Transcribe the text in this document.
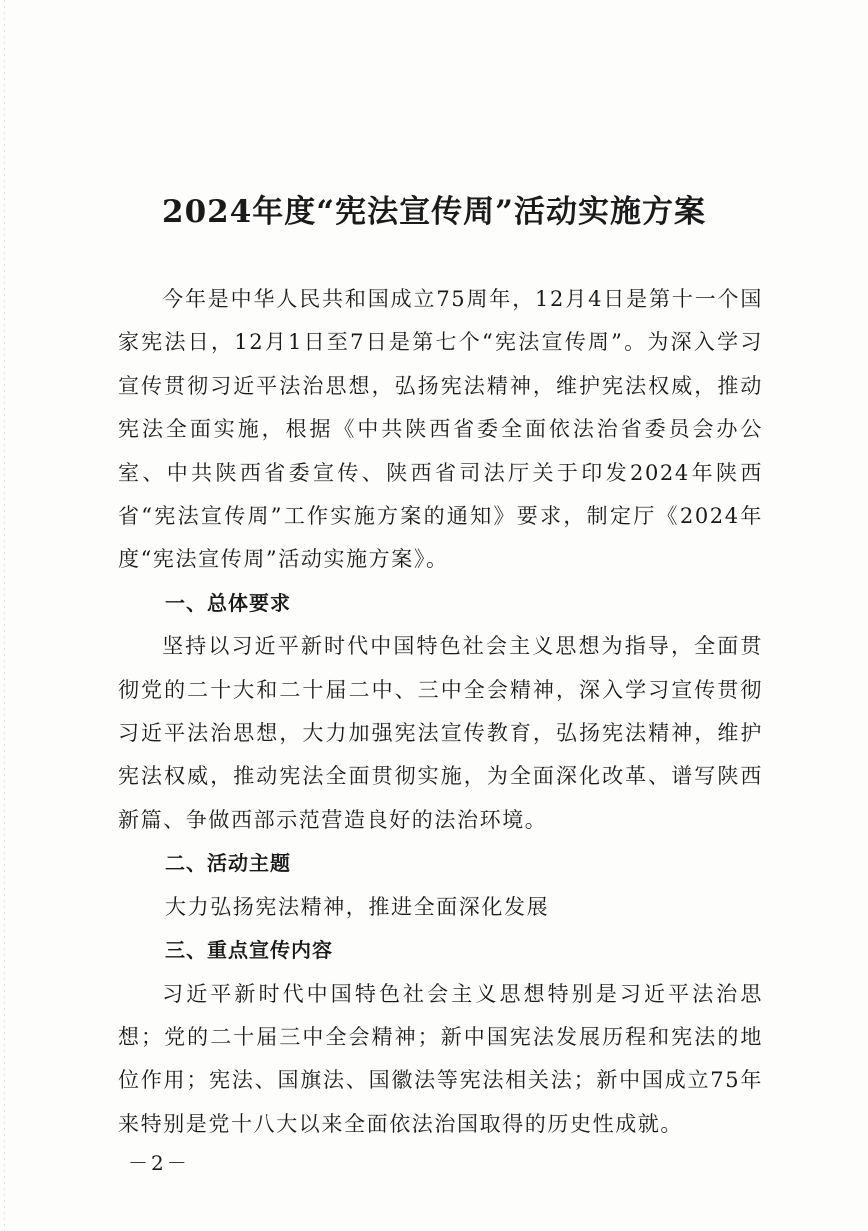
2024年度“宪法宣传周”活动实施方案

今年是中华人民共和国成立75周年，12月4日是第十一个国家宪法日，12月1日至7日是第七个“宪法宣传周”。为深入学习宣传贯彻习近平法治思想，弘扬宪法精神，维护宪法权威，推动宪法全面实施，根据《中共陕西省委全面依法治省委员会办公室、中共陕西省委宣传、陕西省司法厅关于印发2024年陕西省“宪法宣传周”工作实施方案的通知》要求，制定厅《2024年度“宪法宣传周”活动实施方案》。

一、总体要求

坚持以习近平新时代中国特色社会主义思想为指导，全面贯彻党的二十大和二十届二中、三中全会精神，深入学习宣传贯彻习近平法治思想，大力加强宪法宣传教育，弘扬宪法精神，维护宪法权威，推动宪法全面贯彻实施，为全面深化改革、谱写陕西新篇、争做西部示范营造良好的法治环境。

二、活动主题

大力弘扬宪法精神，推进全面深化发展

三、重点宣传内容

习近平新时代中国特色社会主义思想特别是习近平法治思想；党的二十届三中全会精神；新中国宪法发展历程和宪法的地位作用；宪法、国旗法、国徽法等宪法相关法；新中国成立75年来特别是党十八大以来全面依法治国取得的历史性成就。

－2－
